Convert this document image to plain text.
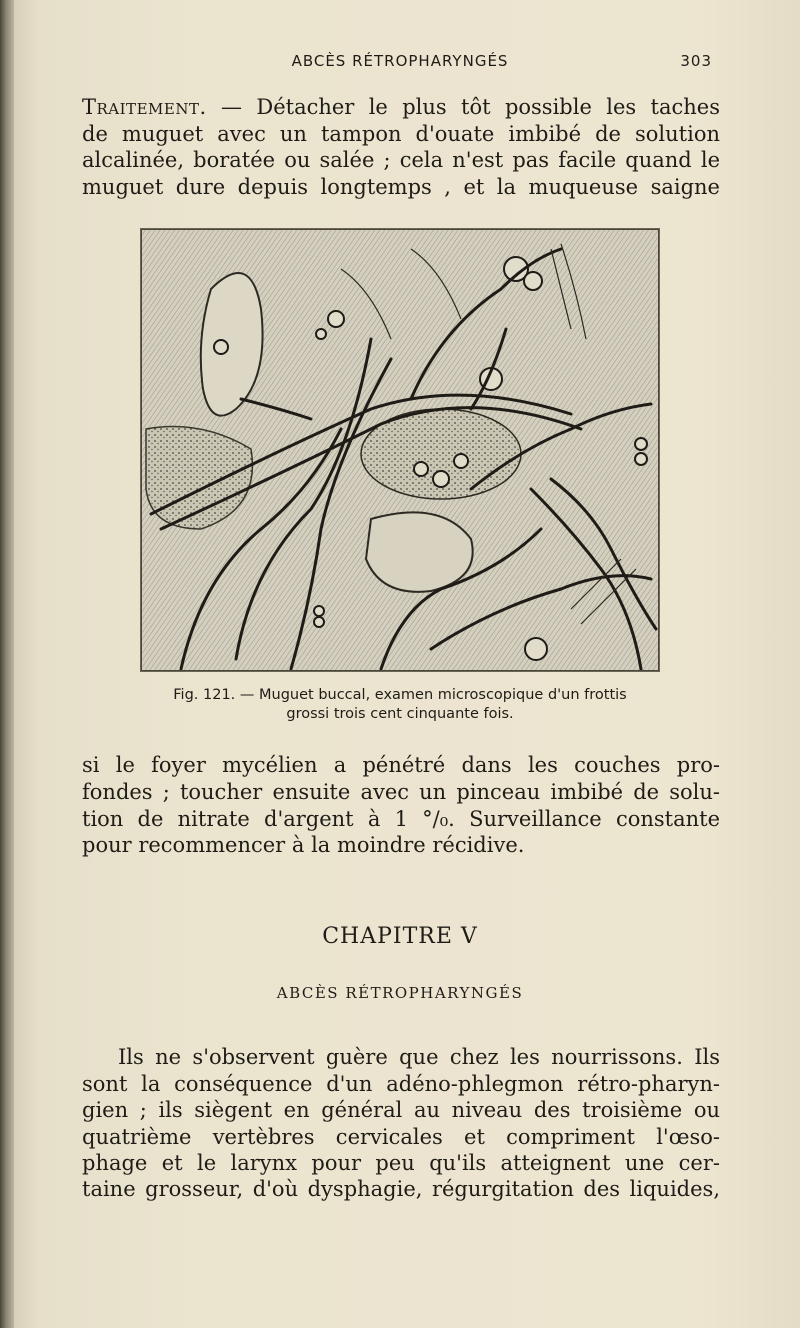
ABCÈS RÉTROPHARYNGÉS	303
Traitement. — Détacher le plus tôt possible les taches
de muguet avec un tampon d'ouate imbibé de solution
alcalinée, boratée ou salée ; cela n'est pas facile quand le
muguet dure depuis longtemps , et la muqueuse saigne
Fig. 121. — Muguet buccal, examen microscopique d'un frottis
grossi trois cent cinquante fois.
si le foyer mycélien a pénétré dans les couches pro-
fondes ; toucher ensuite avec un pinceau imbibé de solu-
tion de nitrate d'argent à 1 °/₀. Surveillance constante
pour recommencer à la moindre récidive.
CHAPITRE V
ABCÈS RÉTROPHARYNGÉS
Ils ne s'observent guère que chez les nourrissons. Ils
sont la conséquence d'un adéno-phlegmon rétro-pharyn-
gien ; ils siègent en général au niveau des troisième ou
quatrième vertèbres cervicales et compriment l'œso-
phage et le larynx pour peu qu'ils atteignent une cer-
taine grosseur, d'où dysphagie, régurgitation des liquides,
